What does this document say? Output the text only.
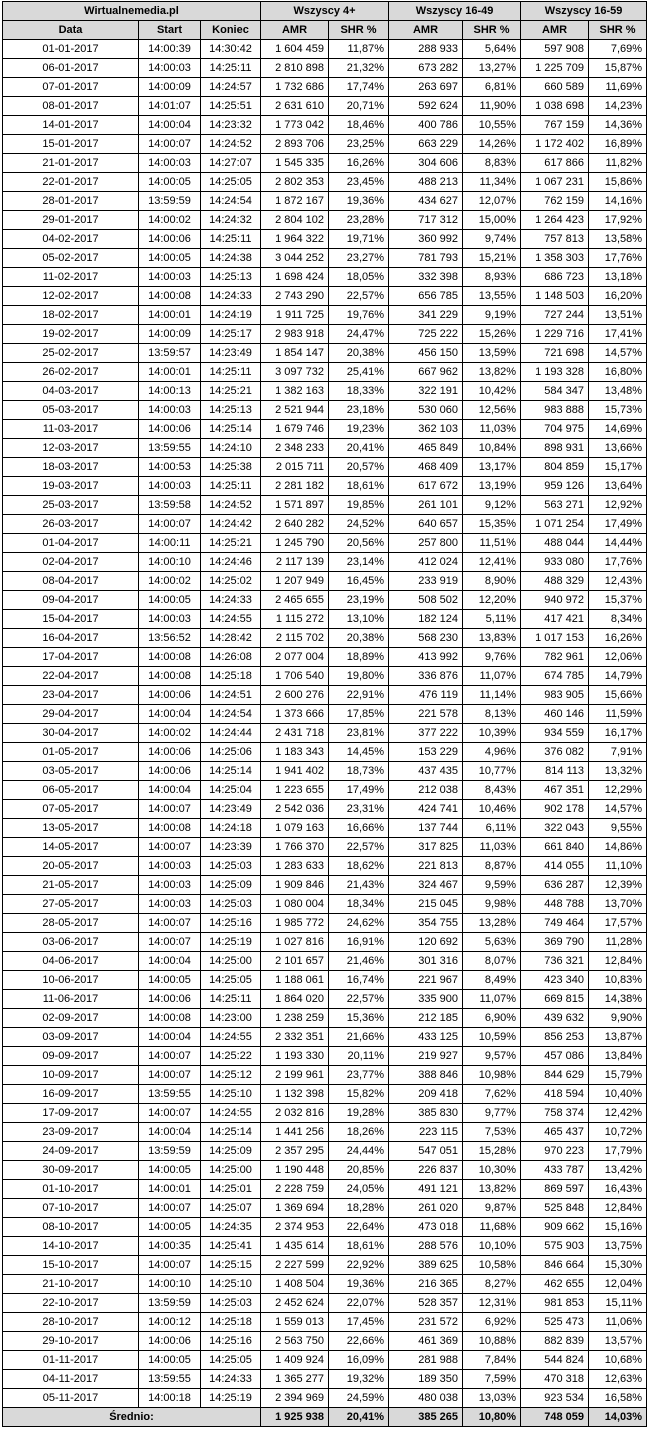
Wirtualnemedia.pl			Wszyscy 4+		Wszyscy 16-49		Wszyscy 16-59	
Data	Start	Koniec	AMR	SHR %	AMR	SHR %	AMR	SHR %
01-01-2017	14:00:39	14:30:42	1 604 459	11,87%	288 933	5,64%	597 908	7,69%
06-01-2017	14:00:03	14:25:11	2 810 898	21,32%	673 282	13,27%	1 225 709	15,87%
07-01-2017	14:00:09	14:24:57	1 732 686	17,74%	263 697	6,81%	660 589	11,69%
08-01-2017	14:01:07	14:25:51	2 631 610	20,71%	592 624	11,90%	1 038 698	14,23%
14-01-2017	14:00:04	14:23:32	1 773 042	18,46%	400 786	10,55%	767 159	14,36%
15-01-2017	14:00:07	14:24:52	2 893 706	23,25%	663 229	14,26%	1 172 402	16,89%
21-01-2017	14:00:03	14:27:07	1 545 335	16,26%	304 606	8,83%	617 866	11,82%
22-01-2017	14:00:05	14:25:05	2 802 353	23,45%	488 213	11,34%	1 067 231	15,86%
28-01-2017	13:59:59	14:24:54	1 872 167	19,36%	434 627	12,07%	762 159	14,16%
29-01-2017	14:00:02	14:24:32	2 804 102	23,28%	717 312	15,00%	1 264 423	17,92%
04-02-2017	14:00:06	14:25:11	1 964 322	19,71%	360 992	9,74%	757 813	13,58%
05-02-2017	14:00:05	14:24:38	3 044 252	23,27%	781 793	15,21%	1 358 303	17,76%
11-02-2017	14:00:03	14:25:13	1 698 424	18,05%	332 398	8,93%	686 723	13,18%
12-02-2017	14:00:08	14:24:33	2 743 290	22,57%	656 785	13,55%	1 148 503	16,20%
18-02-2017	14:00:01	14:24:19	1 911 725	19,76%	341 229	9,19%	727 244	13,51%
19-02-2017	14:00:09	14:25:17	2 983 918	24,47%	725 222	15,26%	1 229 716	17,41%
25-02-2017	13:59:57	14:23:49	1 854 147	20,38%	456 150	13,59%	721 698	14,57%
26-02-2017	14:00:01	14:25:11	3 097 732	25,41%	667 962	13,82%	1 193 328	16,80%
04-03-2017	14:00:13	14:25:21	1 382 163	18,33%	322 191	10,42%	584 347	13,48%
05-03-2017	14:00:03	14:25:13	2 521 944	23,18%	530 060	12,56%	983 888	15,73%
11-03-2017	14:00:06	14:25:14	1 679 746	19,23%	362 103	11,03%	704 975	14,69%
12-03-2017	13:59:55	14:24:10	2 348 233	20,41%	465 849	10,84%	898 931	13,66%
18-03-2017	14:00:53	14:25:38	2 015 711	20,57%	468 409	13,17%	804 859	15,17%
19-03-2017	14:00:03	14:25:11	2 281 182	18,61%	617 672	13,19%	959 126	13,64%
25-03-2017	13:59:58	14:24:52	1 571 897	19,85%	261 101	9,12%	563 271	12,92%
26-03-2017	14:00:07	14:24:42	2 640 282	24,52%	640 657	15,35%	1 071 254	17,49%
01-04-2017	14:00:11	14:25:21	1 245 790	20,56%	257 800	11,51%	488 044	14,44%
02-04-2017	14:00:10	14:24:46	2 117 139	23,14%	412 024	12,41%	933 080	17,76%
08-04-2017	14:00:02	14:25:02	1 207 949	16,45%	233 919	8,90%	488 329	12,43%
09-04-2017	14:00:05	14:24:33	2 465 655	23,19%	508 502	12,20%	940 972	15,37%
15-04-2017	14:00:03	14:24:55	1 115 272	13,10%	182 124	5,11%	417 421	8,34%
16-04-2017	13:56:52	14:28:42	2 115 702	20,38%	568 230	13,83%	1 017 153	16,26%
17-04-2017	14:00:08	14:26:08	2 077 004	18,89%	413 992	9,76%	782 961	12,06%
22-04-2017	14:00:08	14:25:18	1 706 540	19,80%	336 876	11,07%	674 785	14,79%
23-04-2017	14:00:06	14:24:51	2 600 276	22,91%	476 119	11,14%	983 905	15,66%
29-04-2017	14:00:04	14:24:54	1 373 666	17,85%	221 578	8,13%	460 146	11,59%
30-04-2017	14:00:02	14:24:44	2 431 718	23,81%	377 222	10,39%	934 559	16,17%
01-05-2017	14:00:06	14:25:06	1 183 343	14,45%	153 229	4,96%	376 082	7,91%
03-05-2017	14:00:06	14:25:14	1 941 402	18,73%	437 435	10,77%	814 113	13,32%
06-05-2017	14:00:04	14:25:04	1 223 655	17,49%	212 038	8,43%	467 351	12,29%
07-05-2017	14:00:07	14:23:49	2 542 036	23,31%	424 741	10,46%	902 178	14,57%
13-05-2017	14:00:08	14:24:18	1 079 163	16,66%	137 744	6,11%	322 043	9,55%
14-05-2017	14:00:07	14:23:39	1 766 370	22,57%	317 825	11,03%	661 840	14,86%
20-05-2017	14:00:03	14:25:03	1 283 633	18,62%	221 813	8,87%	414 055	11,10%
21-05-2017	14:00:03	14:25:09	1 909 846	21,43%	324 467	9,59%	636 287	12,39%
27-05-2017	14:00:03	14:25:03	1 080 004	18,34%	215 045	9,98%	448 788	13,70%
28-05-2017	14:00:07	14:25:16	1 985 772	24,62%	354 755	13,28%	749 464	17,57%
03-06-2017	14:00:07	14:25:19	1 027 816	16,91%	120 692	5,63%	369 790	11,28%
04-06-2017	14:00:04	14:25:00	2 101 657	21,46%	301 316	8,07%	736 321	12,84%
10-06-2017	14:00:05	14:25:05	1 188 061	16,74%	221 967	8,49%	423 340	10,83%
11-06-2017	14:00:06	14:25:11	1 864 020	22,57%	335 900	11,07%	669 815	14,38%
02-09-2017	14:00:08	14:23:00	1 238 259	15,36%	212 185	6,90%	439 632	9,90%
03-09-2017	14:00:04	14:24:55	2 332 351	21,66%	433 125	10,59%	856 253	13,87%
09-09-2017	14:00:07	14:25:22	1 193 330	20,11%	219 927	9,57%	457 086	13,84%
10-09-2017	14:00:07	14:25:12	2 199 961	23,77%	388 846	10,98%	844 629	15,79%
16-09-2017	13:59:55	14:25:10	1 132 398	15,82%	209 418	7,62%	418 594	10,40%
17-09-2017	14:00:07	14:24:55	2 032 816	19,28%	385 830	9,77%	758 374	12,42%
23-09-2017	14:00:04	14:25:14	1 441 256	18,26%	223 115	7,53%	465 437	10,72%
24-09-2017	13:59:59	14:25:09	2 357 295	24,44%	547 051	15,28%	970 223	17,79%
30-09-2017	14:00:05	14:25:00	1 190 448	20,85%	226 837	10,30%	433 787	13,42%
01-10-2017	14:00:01	14:25:01	2 228 759	24,05%	491 121	13,82%	869 597	16,43%
07-10-2017	14:00:07	14:25:07	1 369 694	18,28%	261 020	9,87%	525 848	12,84%
08-10-2017	14:00:05	14:24:35	2 374 953	22,64%	473 018	11,68%	909 662	15,16%
14-10-2017	14:00:35	14:25:41	1 435 614	18,61%	288 576	10,10%	575 903	13,75%
15-10-2017	14:00:07	14:25:15	2 227 599	22,92%	389 625	10,58%	846 664	15,30%
21-10-2017	14:00:10	14:25:10	1 408 504	19,36%	216 365	8,27%	462 655	12,04%
22-10-2017	13:59:59	14:25:03	2 452 624	22,07%	528 357	12,31%	981 853	15,11%
28-10-2017	14:00:12	14:25:18	1 559 013	17,45%	231 572	6,92%	525 473	11,06%
29-10-2017	14:00:06	14:25:16	2 563 750	22,66%	461 369	10,88%	882 839	13,57%
01-11-2017	14:00:05	14:25:05	1 409 924	16,09%	281 988	7,84%	544 824	10,68%
04-11-2017	13:59:55	14:24:33	1 365 277	19,32%	189 350	7,59%	470 318	12,63%
05-11-2017	14:00:18	14:25:19	2 394 969	24,59%	480 038	13,03%	923 534	16,58%
Średnio:			1 925 938	20,41%	385 265	10,80%	748 059	14,03%
